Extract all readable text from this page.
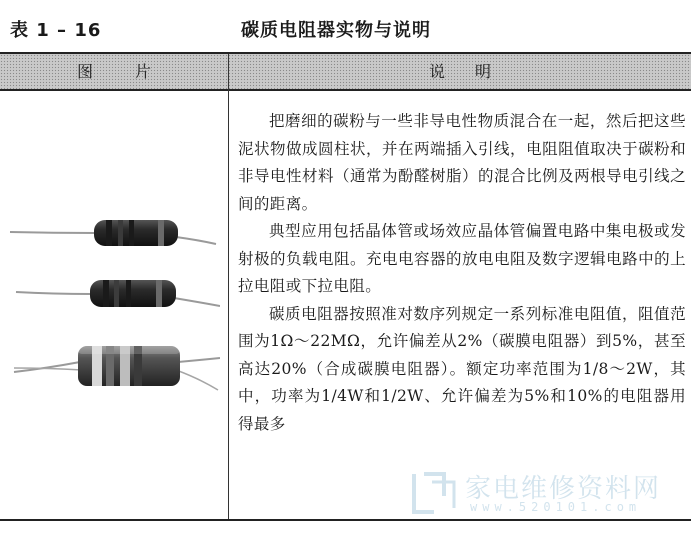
表 1 – 16	碳质电阻器实物与说明
图片	说明

把磨细的碳粉与一些非导电性物质混合在一起，然后把这些泥状物做成圆柱状，并在两端插入引线，电阻阻值取决于碳粉和非导电性材料（通常为酚醛树脂）的混合比例及两根导电引线之间的距离。

典型应用包括晶体管或场效应晶体管偏置电路中集电极或发射极的负载电阻。充电电容器的放电电阻及数字逻辑电路中的上拉电阻或下拉电阻。

碳质电阻器按照准对数序列规定一系列标准电阻值，阻值范围为1Ω～22MΩ，允许偏差从2%（碳膜电阻器）到5%，甚至高达20%（合成碳膜电阻器）。额定功率范围为1/8～2W，其中，功率为1/4W和1/2W、允许偏差为5%和10%的电阻器用得最多

家电维修资料网
www.520101.com
